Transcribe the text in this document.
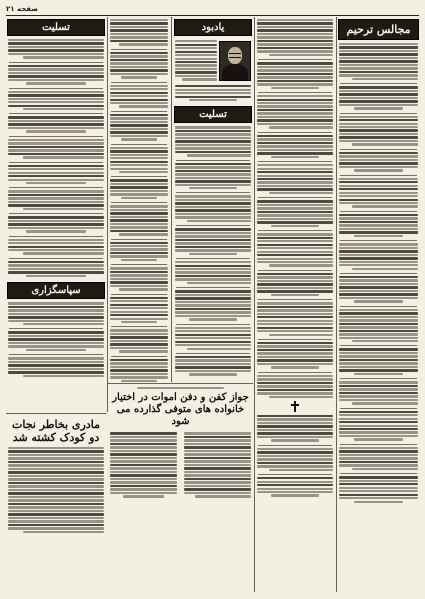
صفحه ۲۱
مجالس ترحیم
یادبود
تسلیت
تسلیت
سپاسگزاری
مادری بخاطر نجات دو کودک کشته شد
جواز کفن و دفن اموات در اختیار خانواده های متوفی گذارده می شود
